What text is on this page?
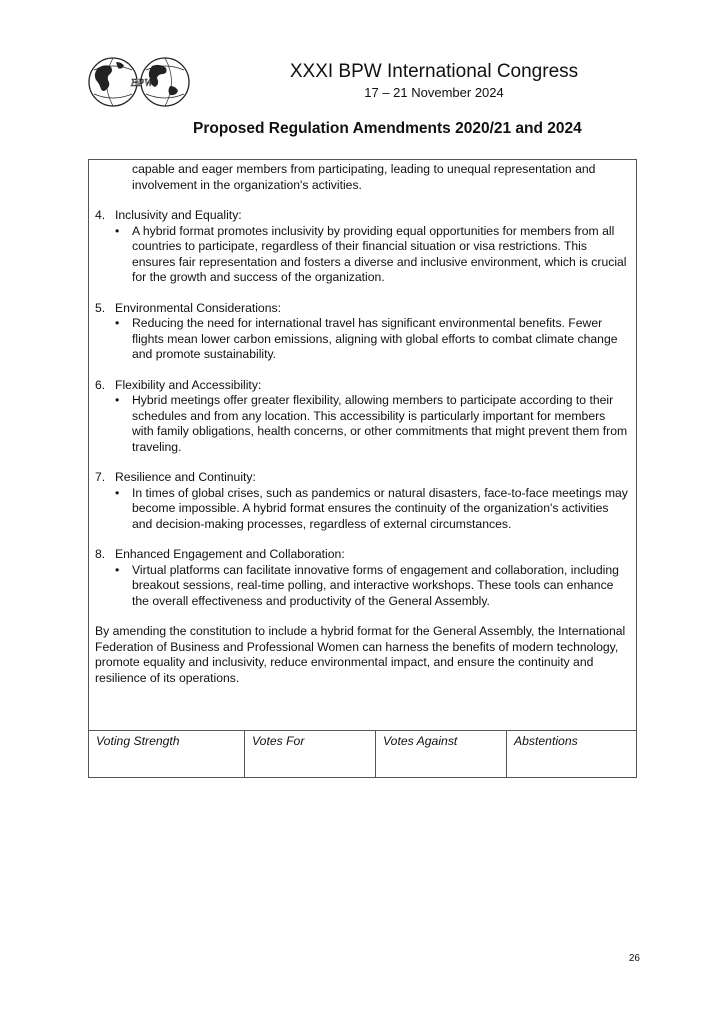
BPW
XXXI BPW International Congress
17 – 21 November 2024
Proposed Regulation Amendments 2020/21 and 2024

capable and eager members from participating, leading to unequal representation and involvement in the organization's activities.

4. Inclusivity and Equality:
•	A hybrid format promotes inclusivity by providing equal opportunities for members from all countries to participate, regardless of their financial situation or visa restrictions. This ensures fair representation and fosters a diverse and inclusive environment, which is crucial for the growth and success of the organization.
5. Environmental Considerations:
•	Reducing the need for international travel has significant environmental benefits. Fewer flights mean lower carbon emissions, aligning with global efforts to combat climate change and promote sustainability.
6. Flexibility and Accessibility:
•	Hybrid meetings offer greater flexibility, allowing members to participate according to their schedules and from any location. This accessibility is particularly important for members with family obligations, health concerns, or other commitments that might prevent them from traveling.
7. Resilience and Continuity:
•	In times of global crises, such as pandemics or natural disasters, face-to-face meetings may become impossible. A hybrid format ensures the continuity of the organization's activities and decision-making processes, regardless of external circumstances.
8. Enhanced Engagement and Collaboration:
•	Virtual platforms can facilitate innovative forms of engagement and collaboration, including breakout sessions, real-time polling, and interactive workshops. These tools can enhance the overall effectiveness and productivity of the General Assembly.

By amending the constitution to include a hybrid format for the General Assembly, the International Federation of Business and Professional Women can harness the benefits of modern technology, promote equality and inclusivity, reduce environmental impact, and ensure the continuity and resilience of its operations.

Voting Strength	Votes For	Votes Against	Abstentions
26
